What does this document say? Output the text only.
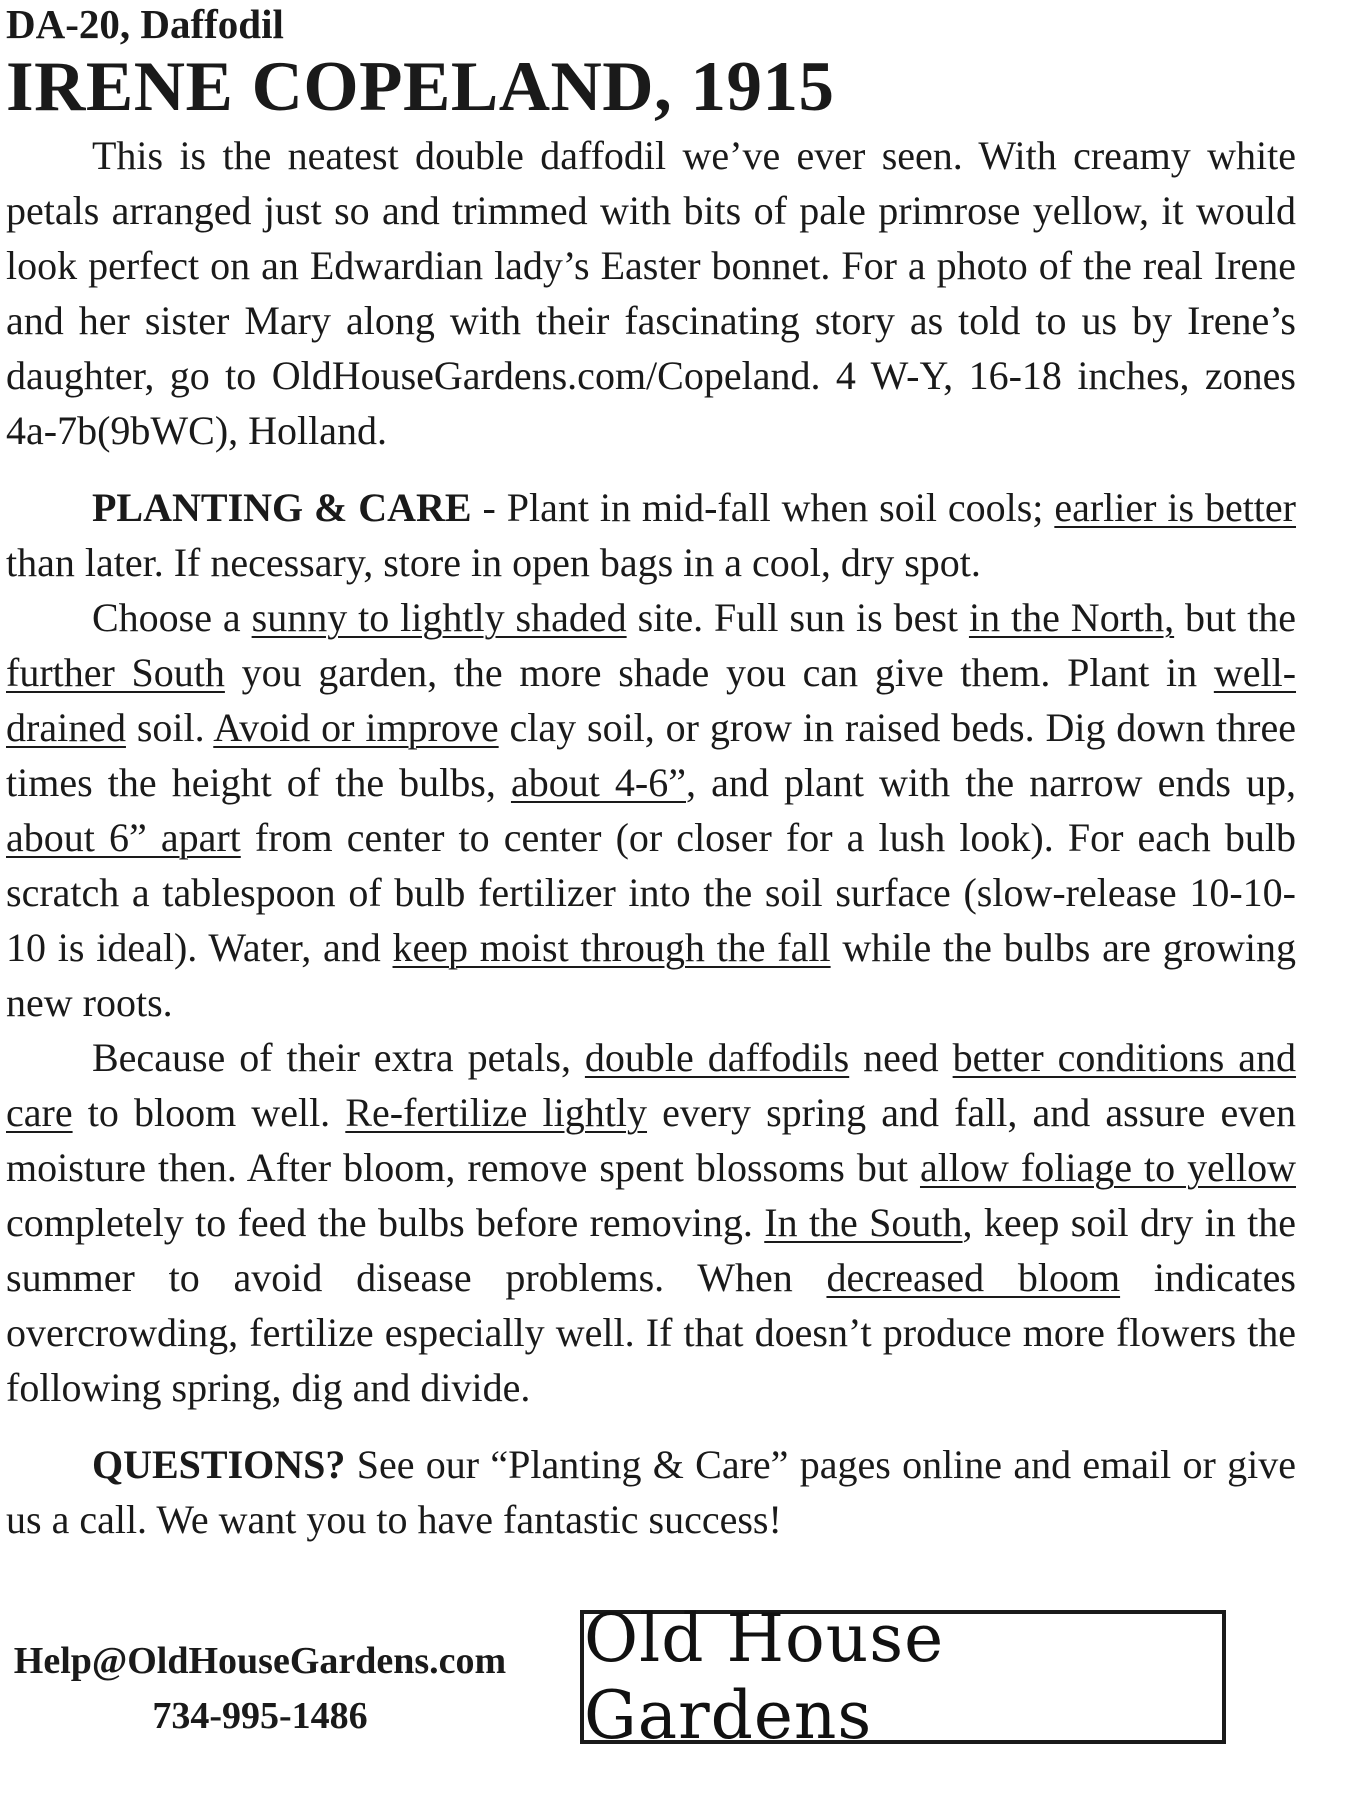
DA-20, Daffodil

IRENE COPELAND, 1915

This is the neatest double daffodil we’ve ever seen. With creamy white petals arranged just so and trimmed with bits of pale primrose yellow, it would look perfect on an Edwardian lady’s Easter bonnet. For a photo of the real Irene and her sister Mary along with their fascinating story as told to us by Irene’s daughter, go to OldHouseGardens.com/Copeland. 4 W-Y, 16-18 inches, zones 4a-7b(9bWC), Holland.

PLANTING & CARE - Plant in mid-fall when soil cools; earlier is better than later. If necessary, store in open bags in a cool, dry spot.

Choose a sunny to lightly shaded site. Full sun is best in the North, but the further South you garden, the more shade you can give them. Plant in well-drained soil. Avoid or improve clay soil, or grow in raised beds. Dig down three times the height of the bulbs, about 4-6”, and plant with the narrow ends up, about 6” apart from center to center (or closer for a lush look). For each bulb scratch a tablespoon of bulb fertilizer into the soil surface (slow-release 10-10-10 is ideal). Water, and keep moist through the fall while the bulbs are growing new roots.

Because of their extra petals, double daffodils need better conditions and care to bloom well. Re-fertilize lightly every spring and fall, and assure even moisture then. After bloom, remove spent blossoms but allow foliage to yellow completely to feed the bulbs before removing. In the South, keep soil dry in the summer to avoid disease problems. When decreased bloom indicates overcrowding, fertilize especially well. If that doesn’t produce more flowers the following spring, dig and divide.

QUESTIONS? See our “Planting & Care” pages online and email or give us a call. We want you to have fantastic success!

Help@OldHouseGardens.com
734-995-1486
Old House Gardens
